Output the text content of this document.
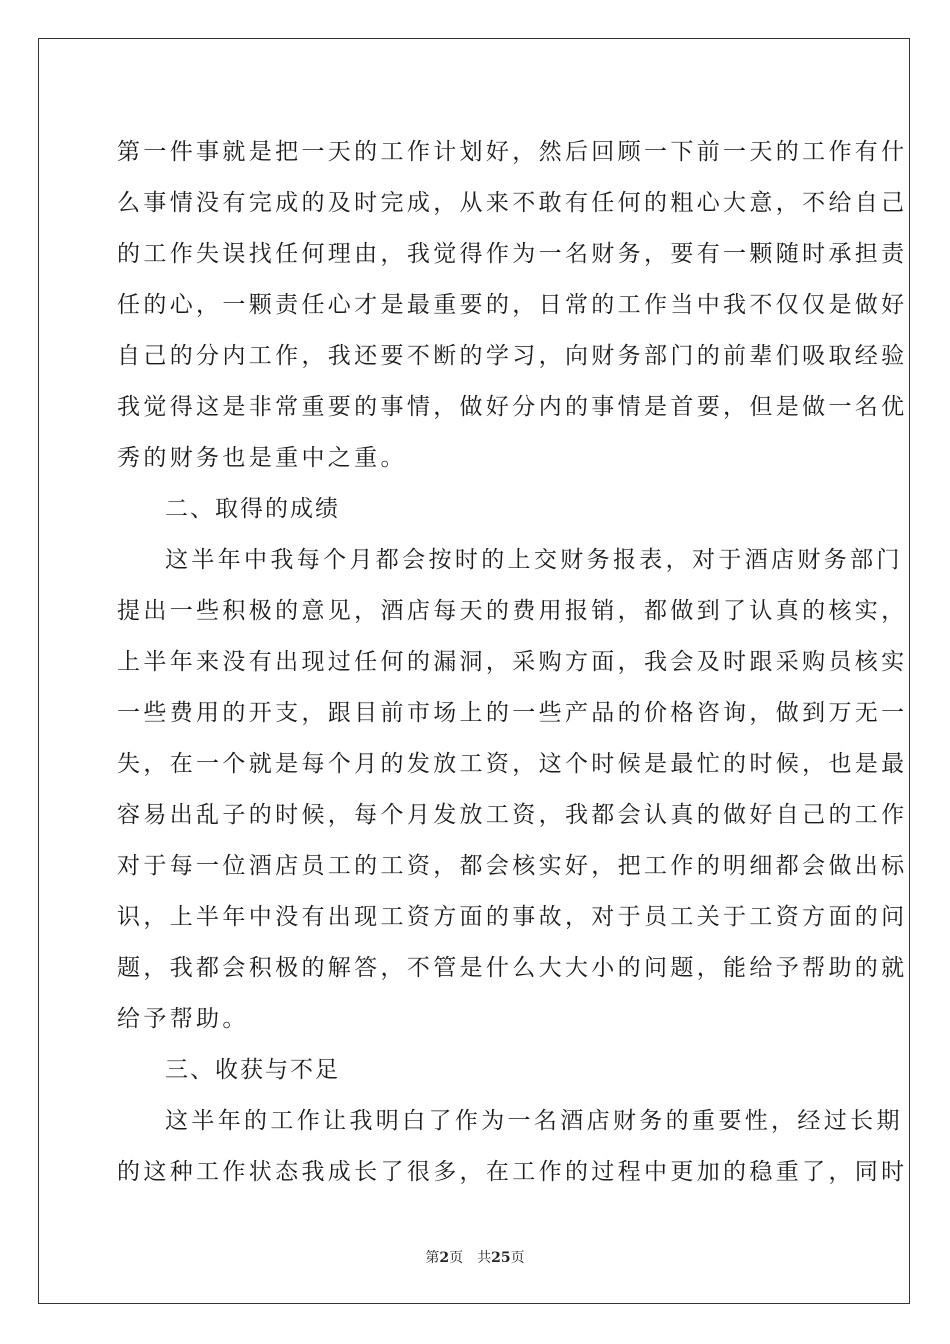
第一件事就是把一天的工作计划好，然后回顾一下前一天的工作有什
么事情没有完成的及时完成，从来不敢有任何的粗心大意，不给自己
的工作失误找任何理由，我觉得作为一名财务，要有一颗随时承担责
任的心，一颗责任心才是最重要的，日常的工作当中我不仅仅是做好
自己的分内工作，我还要不断的学习，向财务部门的前辈们吸取经验
我觉得这是非常重要的事情，做好分内的事情是首要，但是做一名优
秀的财务也是重中之重。
二、取得的成绩
这半年中我每个月都会按时的上交财务报表，对于酒店财务部门
提出一些积极的意见，酒店每天的费用报销，都做到了认真的核实，
上半年来没有出现过任何的漏洞，采购方面，我会及时跟采购员核实
一些费用的开支，跟目前市场上的一些产品的价格咨询，做到万无一
失，在一个就是每个月的发放工资，这个时候是最忙的时候，也是最
容易出乱子的时候，每个月发放工资，我都会认真的做好自己的工作
对于每一位酒店员工的工资，都会核实好，把工作的明细都会做出标
识，上半年中没有出现工资方面的事故，对于员工关于工资方面的问
题，我都会积极的解答，不管是什么大大小的问题，能给予帮助的就
给予帮助。
三、收获与不足
这半年的工作让我明白了作为一名酒店财务的重要性，经过长期
的这种工作状态我成长了很多，在工作的过程中更加的稳重了，同时
第2页 共25页
